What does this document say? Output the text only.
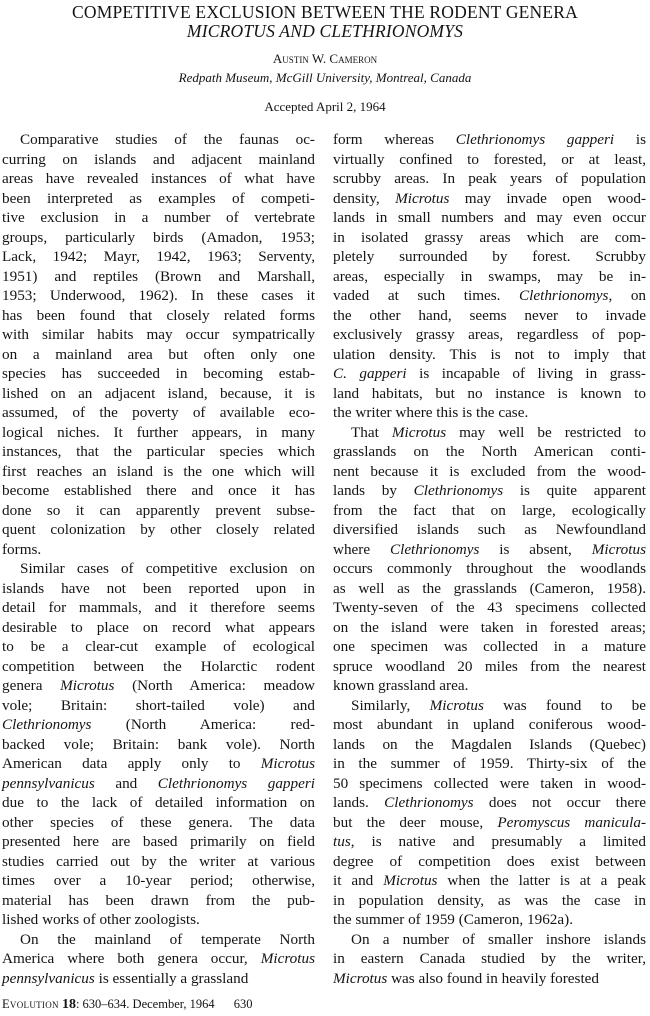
COMPETITIVE EXCLUSION BETWEEN THE RODENT GENERA
MICROTUS AND CLETHRIONOMYS
Austin W. Cameron
Redpath Museum, McGill University, Montreal, Canada
Accepted April 2, 1964

Comparative studies of the faunas oc-
curring on islands and adjacent mainland
areas have revealed instances of what have
been interpreted as examples of competi-
tive exclusion in a number of vertebrate
groups, particularly birds (Amadon, 1953;
Lack, 1942; Mayr, 1942, 1963; Serventy,
1951) and reptiles (Brown and Marshall,
1953; Underwood, 1962). In these cases it
has been found that closely related forms
with similar habits may occur sympatrically
on a mainland area but often only one
species has succeeded in becoming estab-
lished on an adjacent island, because, it is
assumed, of the poverty of available eco-
logical niches. It further appears, in many
instances, that the particular species which
first reaches an island is the one which will
become established there and once it has
done so it can apparently prevent subse-
quent colonization by other closely related
forms.

Similar cases of competitive exclusion on
islands have not been reported upon in
detail for mammals, and it therefore seems
desirable to place on record what appears
to be a clear-cut example of ecological
competition between the Holarctic rodent
genera Microtus (North America: meadow
vole; Britain: short-tailed vole) and
Clethrionomys (North America: red-
backed vole; Britain: bank vole). North
American data apply only to Microtus
pennsylvanicus and Clethrionomys gapperi
due to the lack of detailed information on
other species of these genera. The data
presented here are based primarily on field
studies carried out by the writer at various
times over a 10-year period; otherwise,
material has been drawn from the pub-
lished works of other zoologists.

On the mainland of temperate North
America where both genera occur, Microtus
pennsylvanicus is essentially a grassland

form whereas Clethrionomys gapperi is
virtually confined to forested, or at least,
scrubby areas. In peak years of population
density, Microtus may invade open wood-
lands in small numbers and may even occur
in isolated grassy areas which are com-
pletely surrounded by forest. Scrubby
areas, especially in swamps, may be in-
vaded at such times. Clethrionomys, on
the other hand, seems never to invade
exclusively grassy areas, regardless of pop-
ulation density. This is not to imply that
C. gapperi is incapable of living in grass-
land habitats, but no instance is known to
the writer where this is the case.

That Microtus may well be restricted to
grasslands on the North American conti-
nent because it is excluded from the wood-
lands by Clethrionomys is quite apparent
from the fact that on large, ecologically
diversified islands such as Newfoundland
where Clethrionomys is absent, Microtus
occurs commonly throughout the woodlands
as well as the grasslands (Cameron, 1958).
Twenty-seven of the 43 specimens collected
on the island were taken in forested areas;
one specimen was collected in a mature
spruce woodland 20 miles from the nearest
known grassland area.

Similarly, Microtus was found to be
most abundant in upland coniferous wood-
lands on the Magdalen Islands (Quebec)
in the summer of 1959. Thirty-six of the
50 specimens collected were taken in wood-
lands. Clethrionomys does not occur there
but the deer mouse, Peromyscus manicula-
tus, is native and presumably a limited
degree of competition does exist between
it and Microtus when the latter is at a peak
in population density, as was the case in
the summer of 1959 (Cameron, 1962a).

On a number of smaller inshore islands
in eastern Canada studied by the writer,
Microtus was also found in heavily forested

Evolution 18: 630–634. December, 1964 630
